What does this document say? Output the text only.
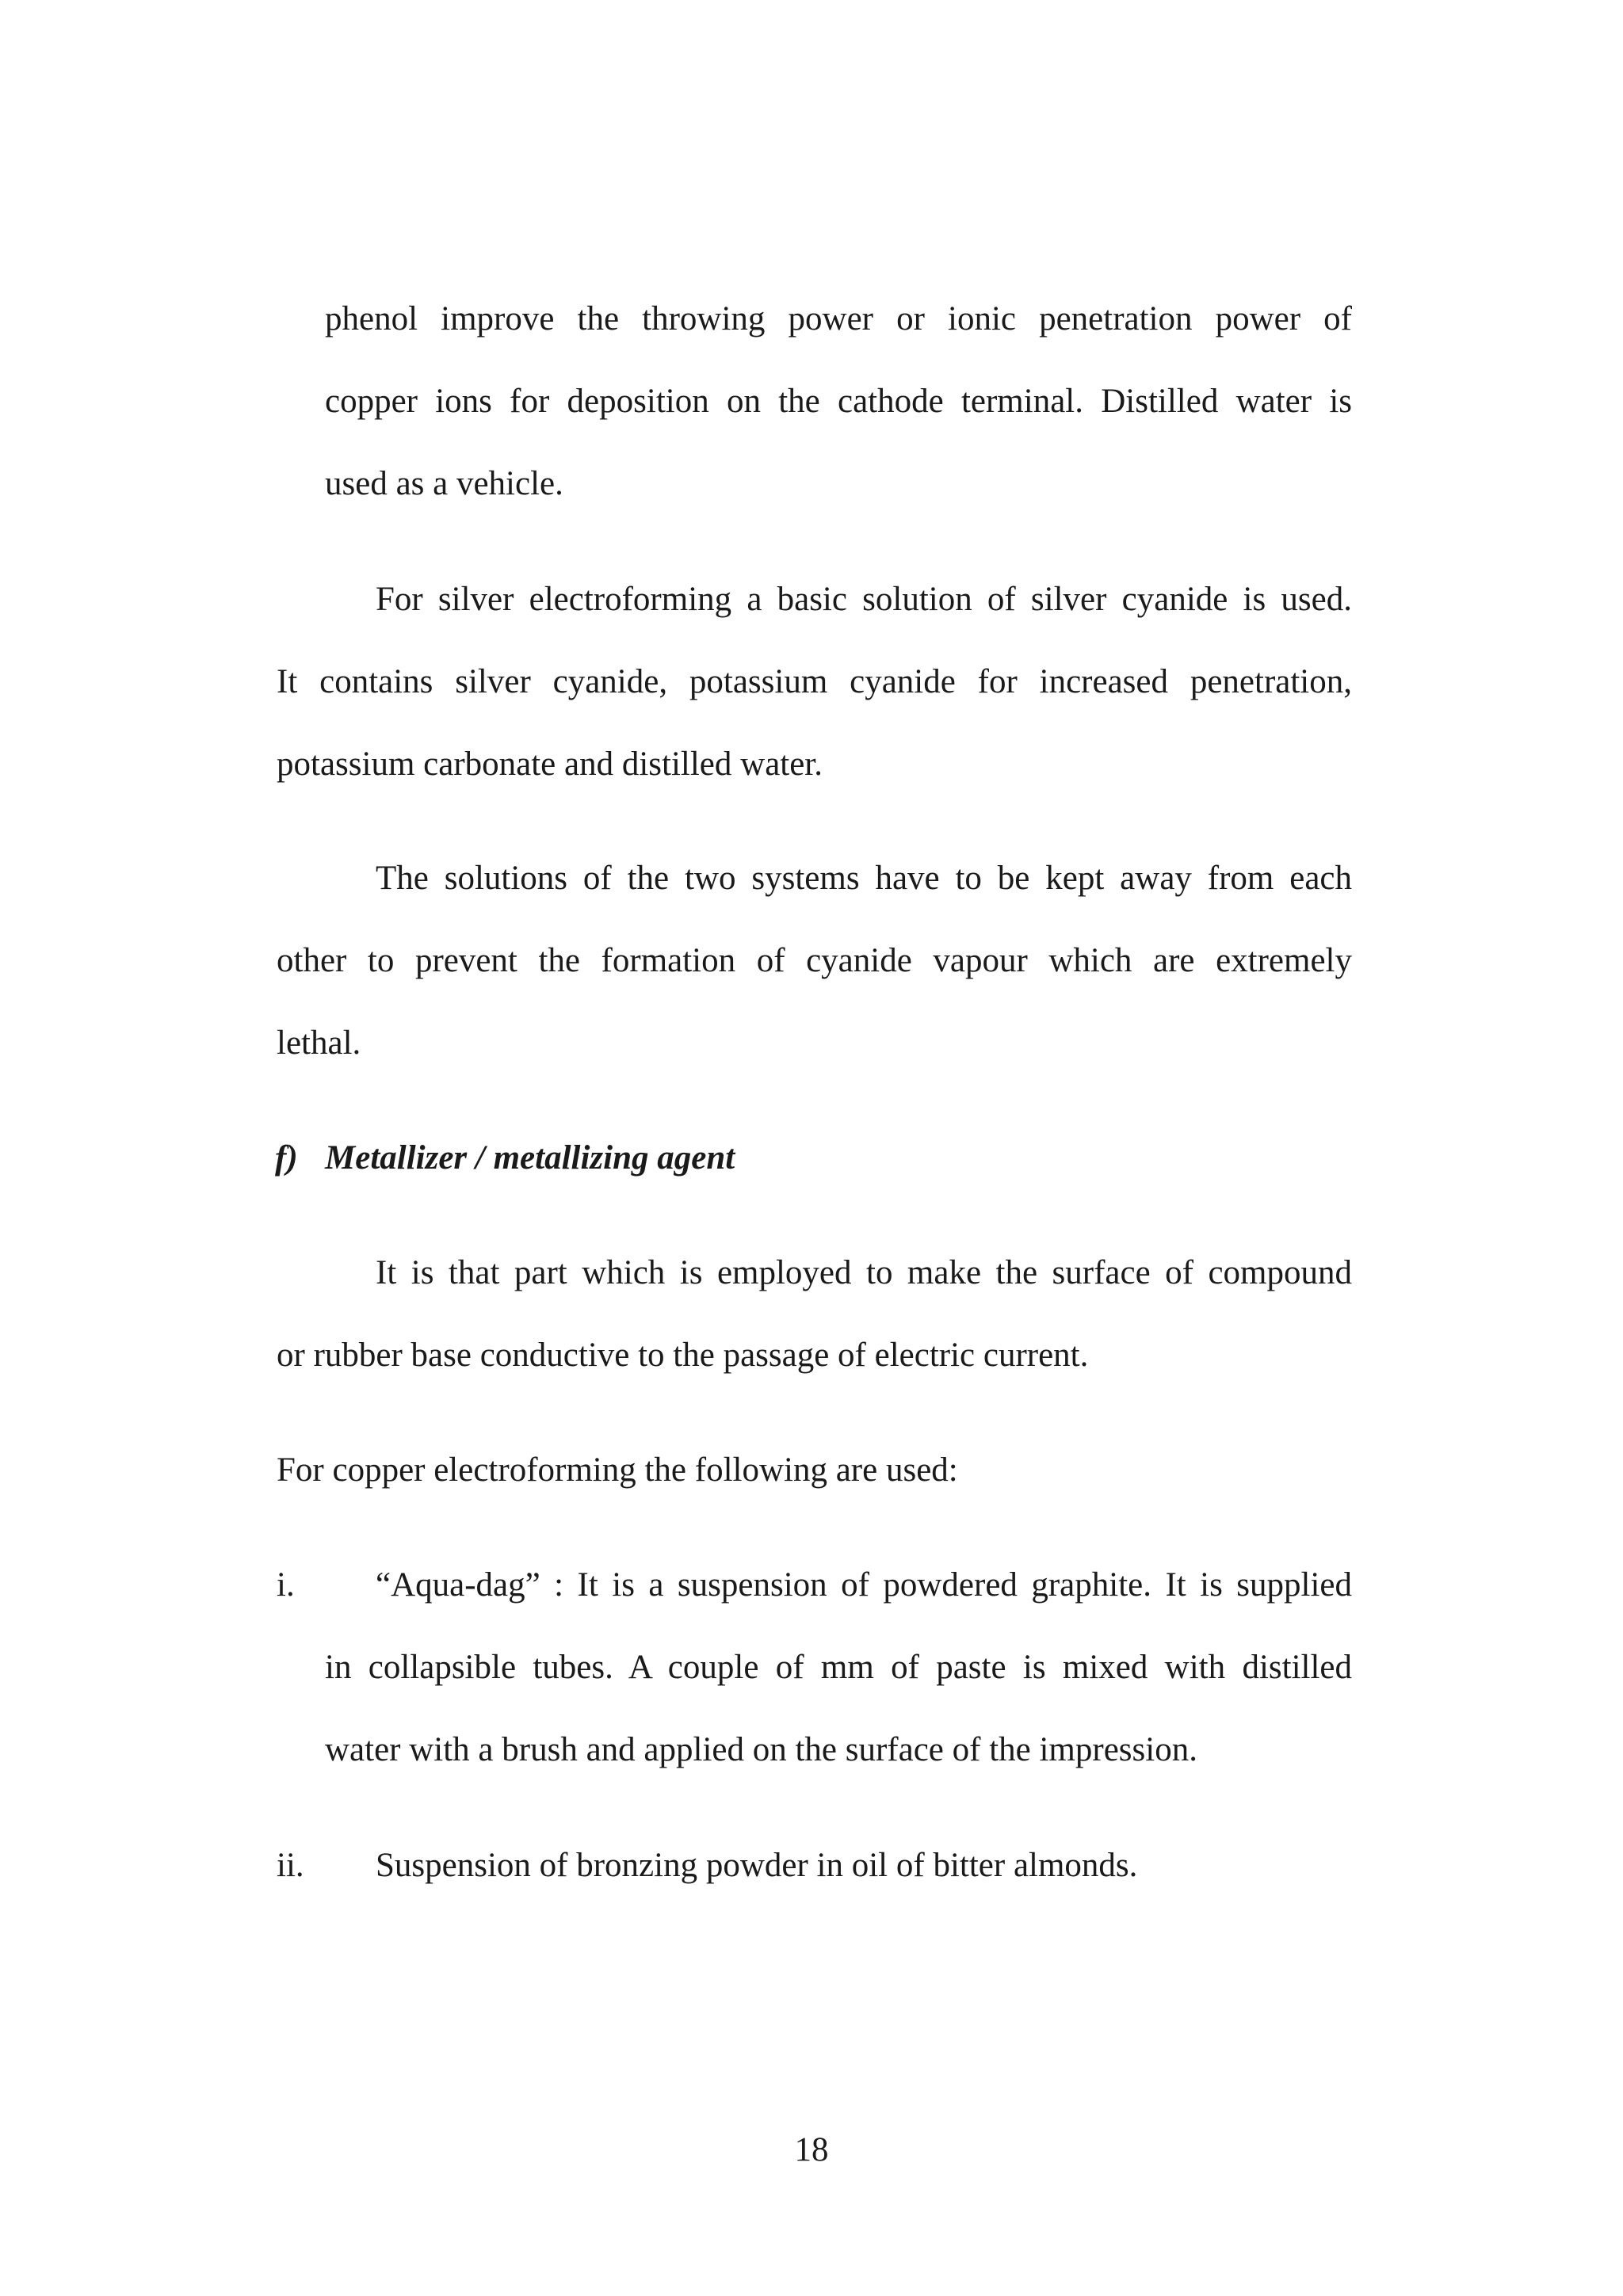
phenol improve the throwing power or ionic penetration power of
copper ions for deposition on the cathode terminal. Distilled water is
used as a vehicle.
For silver electroforming a basic solution of silver cyanide is used.
It contains silver cyanide, potassium cyanide for increased penetration,
potassium carbonate and distilled water.
The solutions of the two systems have to be kept away from each
other to prevent the formation of cyanide vapour which are extremely
lethal.
f) Metallizer / metallizing agent
It is that part which is employed to make the surface of compound
or rubber base conductive to the passage of electric current.
For copper electroforming the following are used:
i. “Aqua-dag” : It is a suspension of powdered graphite. It is supplied
in collapsible tubes. A couple of mm of paste is mixed with distilled
water with a brush and applied on the surface of the impression.
ii. Suspension of bronzing powder in oil of bitter almonds.
18
